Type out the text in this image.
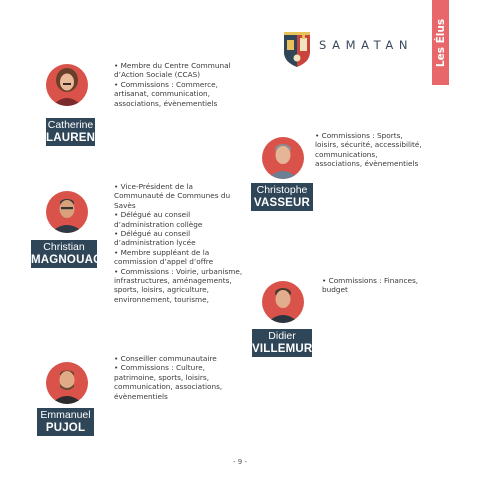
Les Élus
SAMATAN
Catherine
LAURENS
• Membre du Centre Communal
d’Action Sociale (CCAS)
• Commissions : Commerce,
artisanat, communication,
associations, évènementiels
Christophe
VASSEUR
• Commissions : Sports,
loisirs, sécurité, accessibilité,
communications,
associations, évènementiels
Christian
MAGNOUAC
• Vice-Président de la
Communauté de Communes du
Savès
• Délégué au conseil
d’administration collège
• Délégué au conseil
d’administration lycée
• Membre suppléant de la
commission d’appel d’offre
• Commissions : Voirie, urbanisme,
infrastructures, aménagements,
sports, loisirs, agriculture,
environnement, tourisme,
Didier
VILLEMUR
• Commissions : Finances,
budget
Emmanuel
PUJOL
• Conseiller communautaire
• Commissions : Culture,
patrimoine, sports, loisirs,
communication, associations,
évènementiels
- 9 -
